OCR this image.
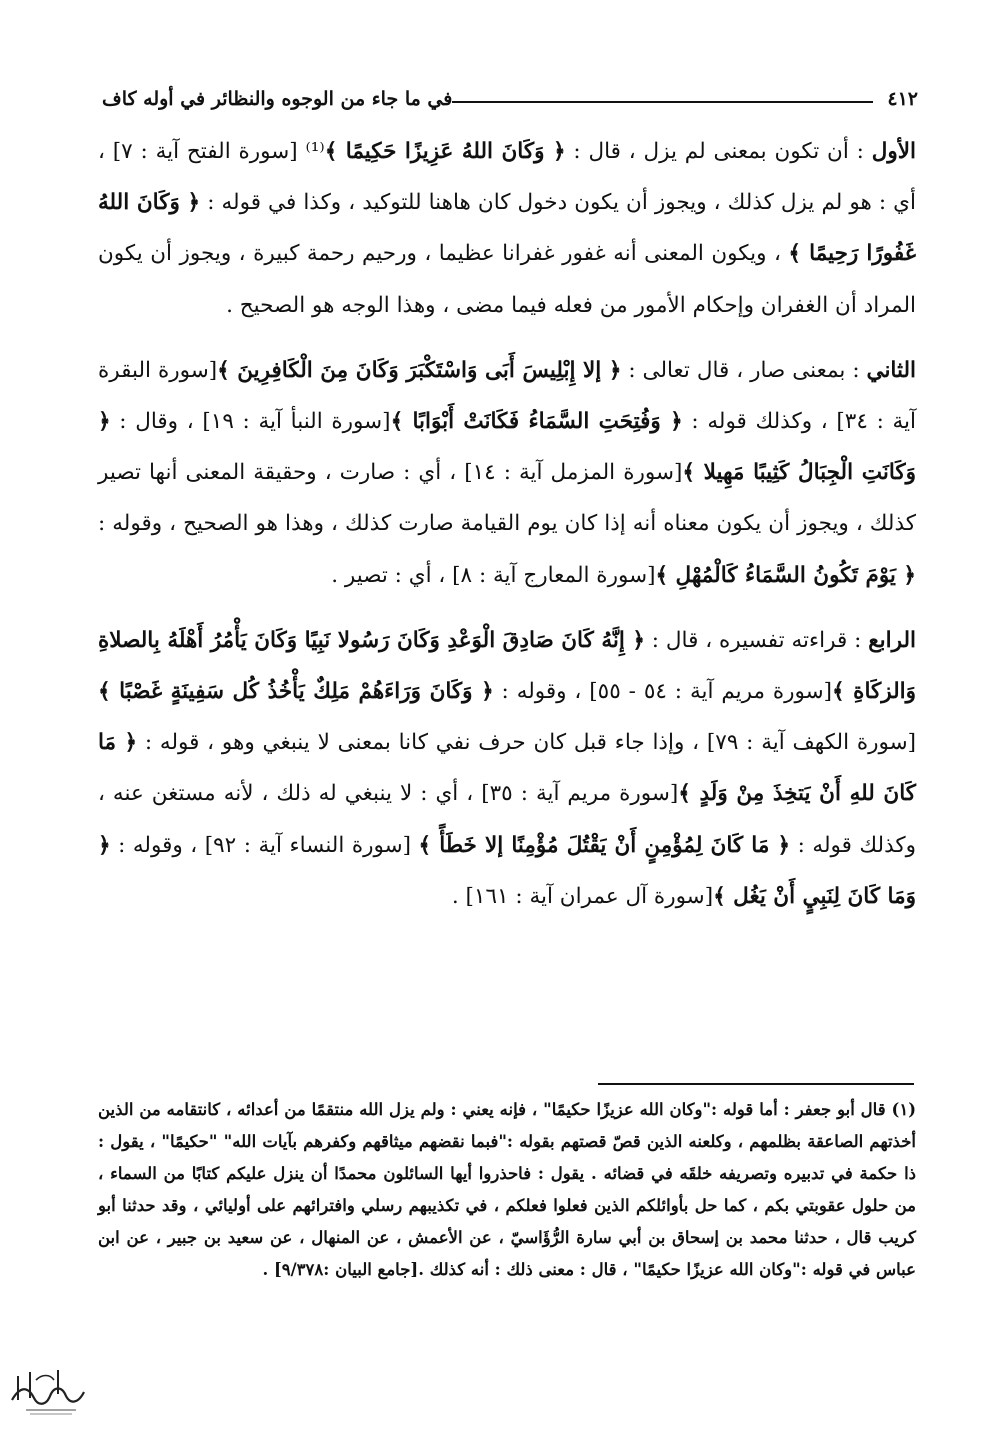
٤١٢
في ما جاء من الوجوه والنظائر في أوله كاف

الأول : أن تكون بمعنى لم يزل ، قال : ﴿ وَكَانَ اللهُ عَزِيزًا حَكِيمًا ﴾⁽¹⁾ [سورة الفتح آية : ٧] ، أي : هو لم يزل كذلك ، ويجوز أن يكون دخول كان هاهنا للتوكيد ، وكذا في قوله : ﴿ وَكَانَ اللهُ غَفُورًا رَحِيمًا ﴾ ، ويكون المعنى أنه غفور غفرانا عظيما ، ورحيم رحمة كبيرة ، ويجوز أن يكون المراد أن الغفران وإحكام الأمور من فعله فيما مضى ، وهذا الوجه هو الصحيح .

الثاني : بمعنى صار ، قال تعالى : ﴿ إلا إِبْلِيسَ أَبَى وَاسْتَكْبَرَ وَكَانَ مِنَ الْكَافِرِينَ ﴾[سورة البقرة آية : ٣٤] ، وكذلك قوله : ﴿ وَفُتِحَتِ السَّمَاءُ فَكَانَتْ أَبْوَابًا ﴾[سورة النبأ آية : ١٩] ، وقال : ﴿ وَكَانَتِ الْجِبَالُ كَثِيبًا مَهِيلا ﴾[سورة المزمل آية : ١٤] ، أي : صارت ، وحقيقة المعنى أنها تصير كذلك ، ويجوز أن يكون معناه أنه إذا كان يوم القيامة صارت كذلك ، وهذا هو الصحيح ، وقوله : ﴿ يَوْمَ تَكُونُ السَّمَاءُ كَالْمُهْلِ ﴾[سورة المعارج آية : ٨] ، أي : تصير .

الرابع : قراءته تفسيره ، قال : ﴿ إِنَّهُ كَانَ صَادِقَ الْوَعْدِ وَكَانَ رَسُولا نَبِيًا وَكَانَ يَأْمُرُ أَهْلَهُ بِالصلاةِ وَالزكَاةِ ﴾[سورة مريم آية : ٥٤ - ٥٥] ، وقوله : ﴿ وَكَانَ وَرَاءَهُمْ مَلِكٌ يَأْخُذُ كُل سَفِينَةٍ غَصْبًا ﴾[سورة الكهف آية : ٧٩] ، وإذا جاء قبل كان حرف نفي كانا بمعنى لا ينبغي وهو ، قوله : ﴿ مَا كَانَ للهِ أَنْ يَتخِذَ مِنْ وَلَدٍ ﴾[سورة مريم آية : ٣٥] ، أي : لا ينبغي له ذلك ، لأنه مستغن عنه ، وكذلك قوله : ﴿ مَا كَانَ لِمُؤْمِنٍ أَنْ يَقْتُلَ مُؤْمِنًا إلا خَطَأً ﴾ [سورة النساء آية : ٩٢] ، وقوله : ﴿ وَمَا كَانَ لِنَبِيٍ أَنْ يَغُل ﴾[سورة آل عمران آية : ١٦١] .

(١) قال أبو جعفر : أما قوله :"وكان الله عزيزًا حكيمًا" ، فإنه يعني : ولم يزل الله منتقمًا من أعدائه ، كانتقامه من الذين أخذتهم الصاعقة بظلمهم ، وكلعنه الذين قصّ قصتهم بقوله :"فبما نقضهم ميثاقهم وكفرهم بآيات الله" "حكيمًا" ، يقول : ذا حكمة في تدبيره وتصريفه خلقَه في قضائه . يقول : فاحذروا أيها السائلون محمدًا أن ينزل عليكم كتابًا من السماء ، من حلول عقوبتي بكم ، كما حل بأوائلكم الذين فعلوا فعلكم ، في تكذيبهم رسلي وافترائهم على أوليائي ، وقد حدثنا أبو كريب قال ، حدثنا محمد بن إسحاق بن أبي سارة الرُّؤَاسيّ ، عن الأعمش ، عن المنهال ، عن سعيد بن جبير ، عن ابن عباس في قوله :"وكان الله عزيزًا حكيمًا" ، قال : معنى ذلك : أنه كذلك .[جامع البيان :٩/٣٧٨] .
